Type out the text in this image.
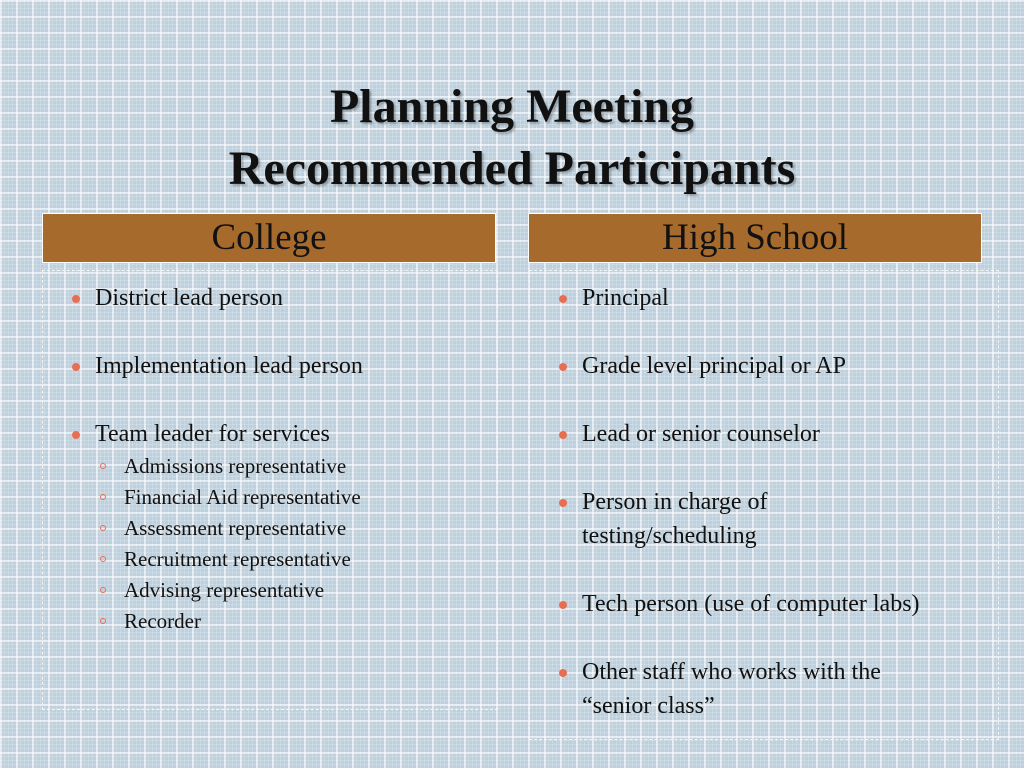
Planning Meeting
Recommended Participants
College	High School
District lead person
Implementation lead person
Team leader for services
Admissions representative
Financial Aid representative
Assessment representative
Recruitment representative
Advising representative
Recorder
Principal
Grade level principal or AP
Lead or senior counselor
Person in charge of
testing/scheduling
Tech person (use of computer labs)
Other staff who works with the
“senior class”
